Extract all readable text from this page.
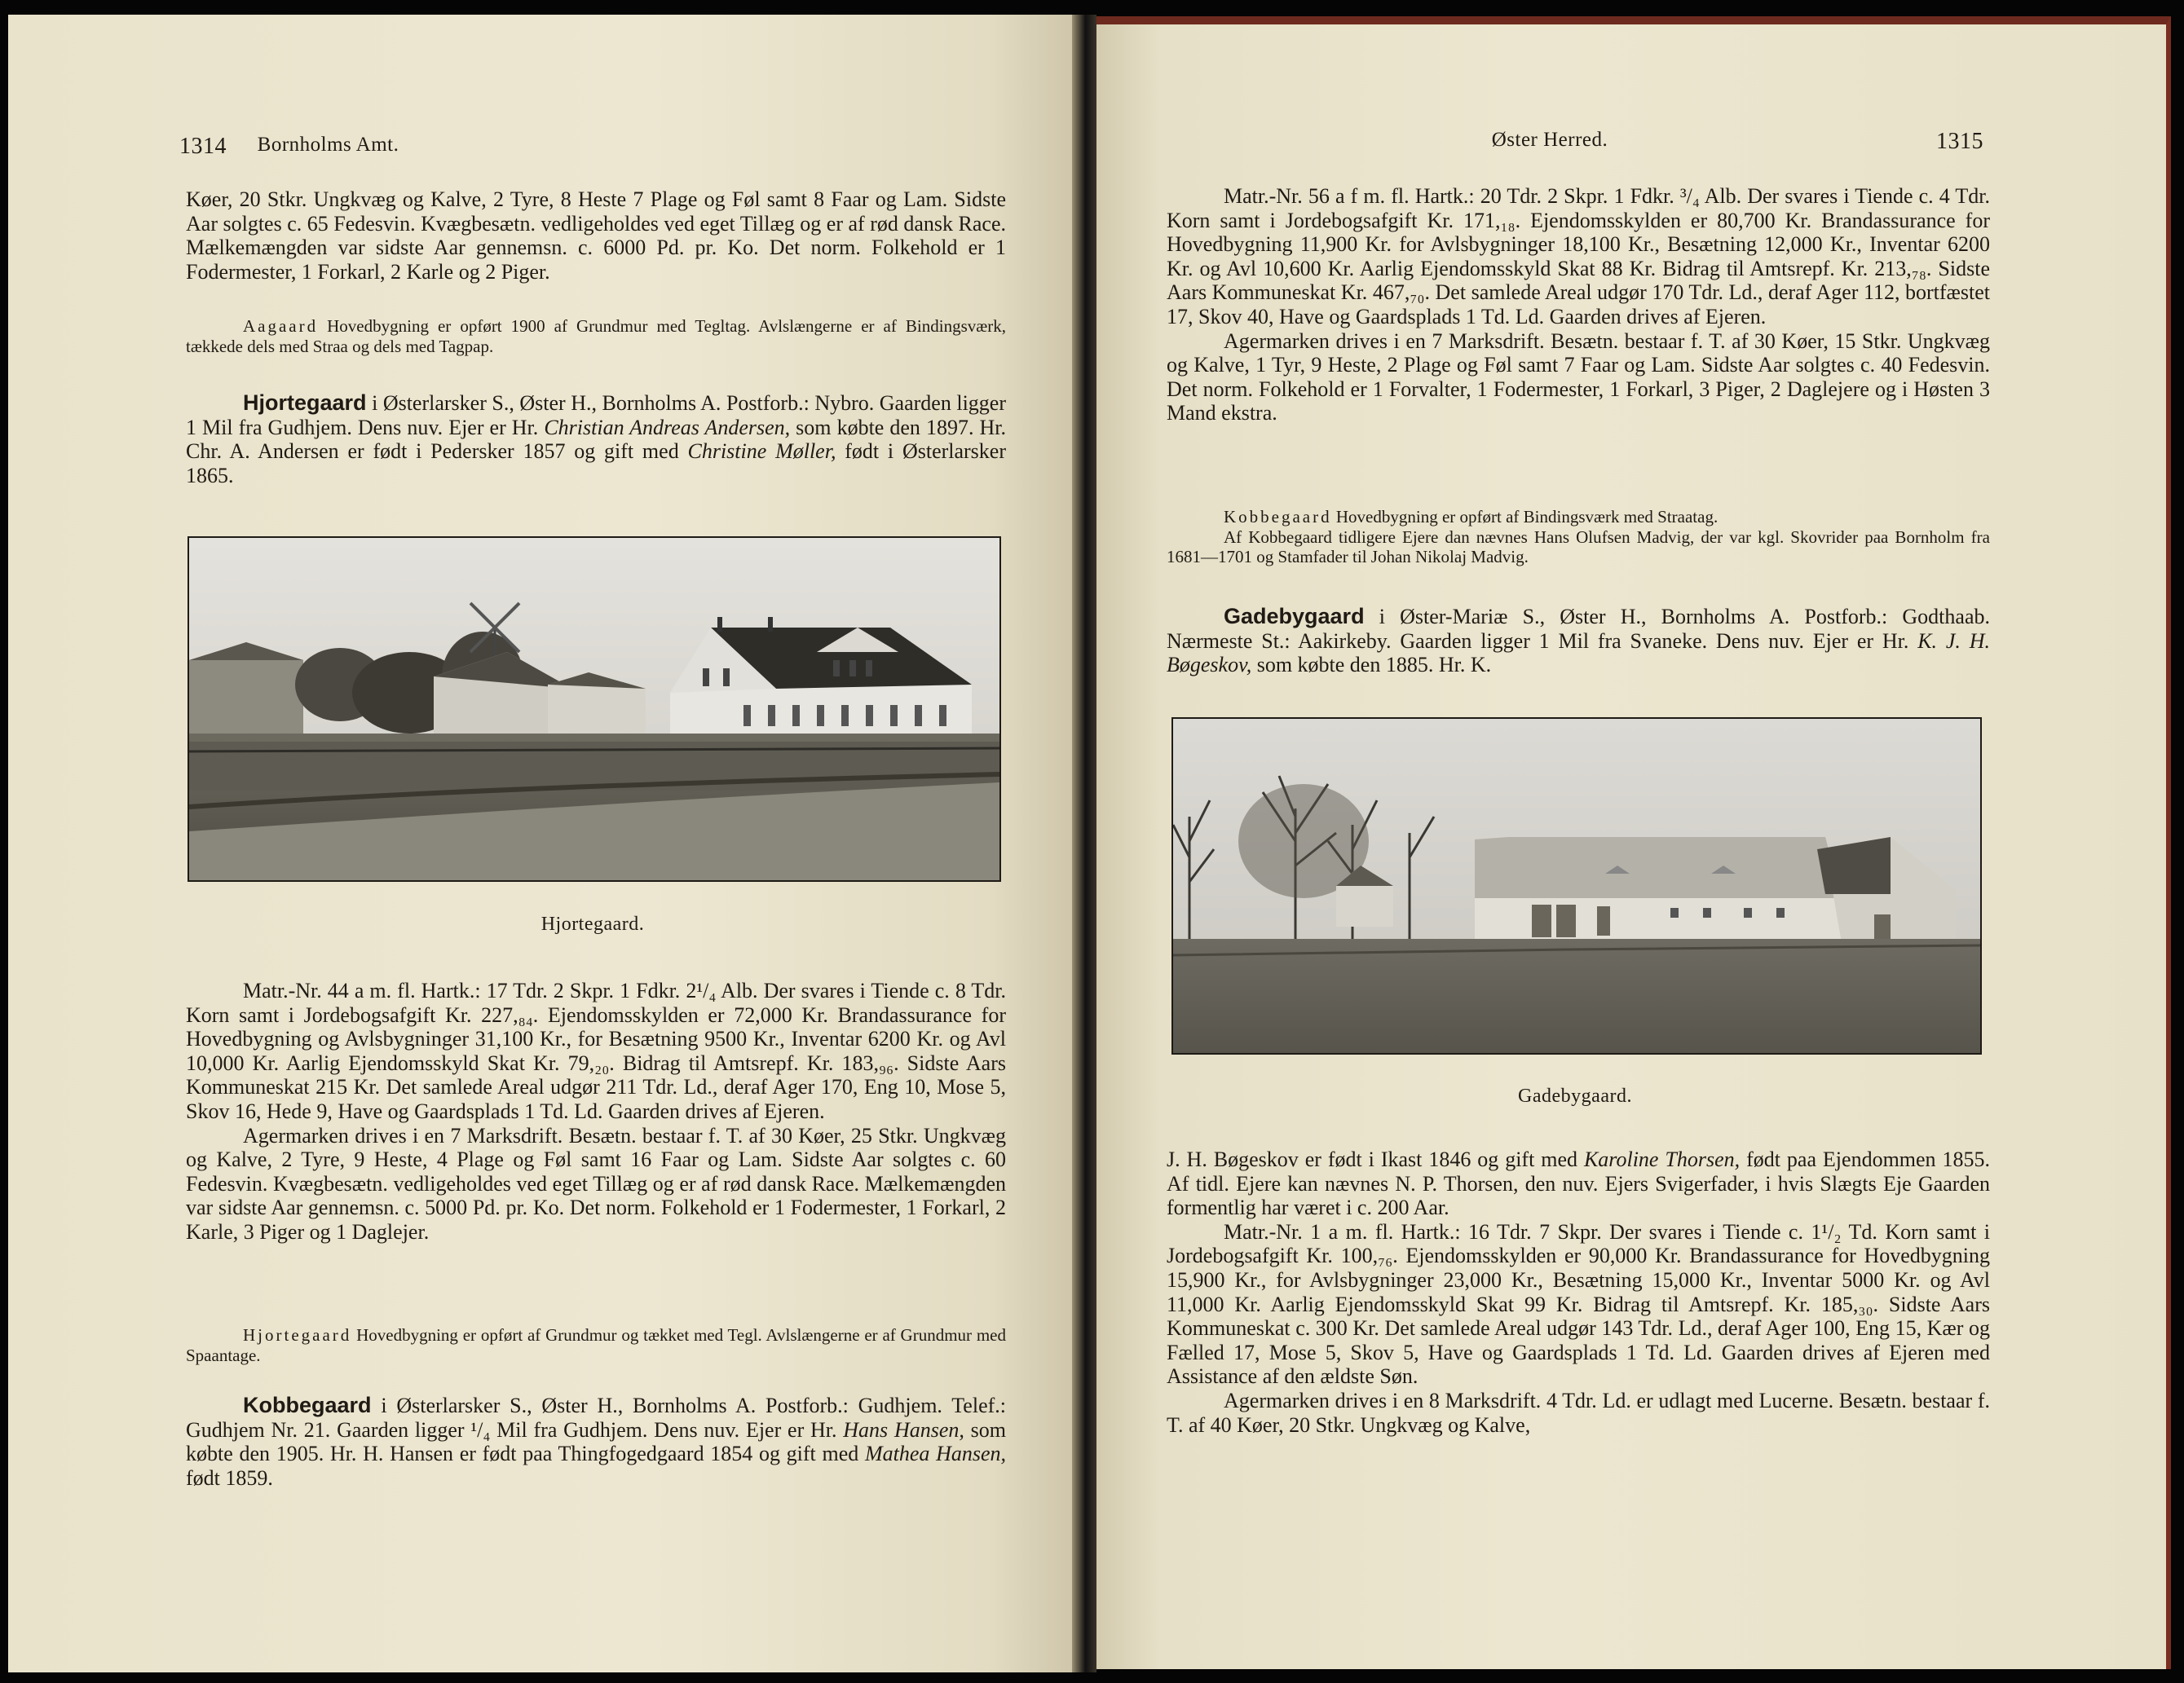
1314	Bornholms Amt.

Køer, 20 Stkr. Ungkvæg og Kalve, 2 Tyre, 8 Heste 7 Plage og Føl samt 8 Faar og Lam. Sidste Aar solgtes c. 65 Fedesvin. Kvægbesætn. vedligeholdes ved eget Tillæg og er af rød dansk Race. Mælkemængden var sidste Aar gennemsn. c. 6000 Pd. pr. Ko. Det norm. Folkehold er 1 Fodermester, 1 Forkarl, 2 Karle og 2 Piger.

Aagaard Hovedbygning er opført 1900 af Grundmur med Tegltag. Avlslængerne er af Bindingsværk, tækkede dels med Straa og dels med Tagpap.

Hjortegaard i Østerlarsker S., Øster H., Bornholms A. Postforb.: Nybro. Gaarden ligger 1 Mil fra Gudhjem. Dens nuv. Ejer er Hr. Christian Andreas Andersen, som købte den 1897. Hr. Chr. A. Andersen er født i Pedersker 1857 og gift med Christine Møller, født i Østerlarsker 1865.

Hjortegaard.

Matr.-Nr. 44 a m. fl. Hartk.: 17 Tdr. 2 Skpr. 1 Fdkr. 2¹/₄ Alb. Der svares i Tiende c. 8 Tdr. Korn samt i Jordebogsafgift Kr. 227,₈₄. Ejendomsskylden er 72,000 Kr. Brandassurance for Hovedbygning og Avlsbygninger 31,100 Kr., for Besætning 9500 Kr., Inventar 6200 Kr. og Avl 10,000 Kr. Aarlig Ejendomsskyld Skat Kr. 79,₂₀. Bidrag til Amtsrepf. Kr. 183,₉₆. Sidste Aars Kommuneskat 215 Kr. Det samlede Areal udgør 211 Tdr. Ld., deraf Ager 170, Eng 10, Mose 5, Skov 16, Hede 9, Have og Gaardsplads 1 Td. Ld. Gaarden drives af Ejeren.

Agermarken drives i en 7 Marksdrift. Besætn. bestaar f. T. af 30 Køer, 25 Stkr. Ungkvæg og Kalve, 2 Tyre, 9 Heste, 4 Plage og Føl samt 16 Faar og Lam. Sidste Aar solgtes c. 60 Fedesvin. Kvægbesætn. vedligeholdes ved eget Tillæg og er af rød dansk Race. Mælkemængden var sidste Aar gennemsn. c. 5000 Pd. pr. Ko. Det norm. Folkehold er 1 Fodermester, 1 Forkarl, 2 Karle, 3 Piger og 1 Daglejer.

Hjortegaard Hovedbygning er opført af Grundmur og tækket med Tegl. Avlslængerne er af Grundmur med Spaantage.

Kobbegaard i Østerlarsker S., Øster H., Bornholms A. Postforb.: Gudhjem. Telef.: Gudhjem Nr. 21. Gaarden ligger ¹/₄ Mil fra Gudhjem. Dens nuv. Ejer er Hr. Hans Hansen, som købte den 1905. Hr. H. Hansen er født paa Thingfogedgaard 1854 og gift med Mathea Hansen, født 1859.

Øster Herred.	1315

Matr.-Nr. 56 a f m. fl. Hartk.: 20 Tdr. 2 Skpr. 1 Fdkr. ³/₄ Alb. Der svares i Tiende c. 4 Tdr. Korn samt i Jordebogsafgift Kr. 171,₁₈. Ejendomsskylden er 80,700 Kr. Brandassurance for Hovedbygning 11,900 Kr. for Avlsbygninger 18,100 Kr., Besætning 12,000 Kr., Inventar 6200 Kr. og Avl 10,600 Kr. Aarlig Ejendomsskyld Skat 88 Kr. Bidrag til Amtsrepf. Kr. 213,₇₈. Sidste Aars Kommuneskat Kr. 467,₇₀. Det samlede Areal udgør 170 Tdr. Ld., deraf Ager 112, bortfæstet 17, Skov 40, Have og Gaardsplads 1 Td. Ld. Gaarden drives af Ejeren.

Agermarken drives i en 7 Marksdrift. Besætn. bestaar f. T. af 30 Køer, 15 Stkr. Ungkvæg og Kalve, 1 Tyr, 9 Heste, 2 Plage og Føl samt 7 Faar og Lam. Sidste Aar solgtes c. 40 Fedesvin. Det norm. Folkehold er 1 Forvalter, 1 Fodermester, 1 Forkarl, 3 Piger, 2 Daglejere og i Høsten 3 Mand ekstra.

Kobbegaard Hovedbygning er opført af Bindingsværk med Straatag.

Af Kobbegaard tidligere Ejere dan nævnes Hans Olufsen Madvig, der var kgl. Skovrider paa Bornholm fra 1681—1701 og Stamfader til Johan Nikolaj Madvig.

Gadebygaard i Øster-Mariæ S., Øster H., Bornholms A. Postforb.: Godthaab. Nærmeste St.: Aakirkeby. Gaarden ligger 1 Mil fra Svaneke. Dens nuv. Ejer er Hr. K. J. H. Bøgeskov, som købte den 1885. Hr. K.

Gadebygaard.

J. H. Bøgeskov er født i Ikast 1846 og gift med Karoline Thorsen, født paa Ejendommen 1855. Af tidl. Ejere kan nævnes N. P. Thorsen, den nuv. Ejers Svigerfader, i hvis Slægts Eje Gaarden formentlig har været i c. 200 Aar.

Matr.-Nr. 1 a m. fl. Hartk.: 16 Tdr. 7 Skpr. Der svares i Tiende c. 1¹/₂ Td. Korn samt i Jordebogsafgift Kr. 100,₇₆. Ejendomsskylden er 90,000 Kr. Brandassurance for Hovedbygning 15,900 Kr., for Avlsbygninger 23,000 Kr., Besætning 15,000 Kr., Inventar 5000 Kr. og Avl 11,000 Kr. Aarlig Ejendomsskyld Skat 99 Kr. Bidrag til Amtsrepf. Kr. 185,₃₀. Sidste Aars Kommuneskat c. 300 Kr. Det samlede Areal udgør 143 Tdr. Ld., deraf Ager 100, Eng 15, Kær og Fælled 17, Mose 5, Skov 5, Have og Gaardsplads 1 Td. Ld. Gaarden drives af Ejeren med Assistance af den ældste Søn.

Agermarken drives i en 8 Marksdrift. 4 Tdr. Ld. er udlagt med Lucerne. Besætn. bestaar f. T. af 40 Køer, 20 Stkr. Ungkvæg og Kalve,
